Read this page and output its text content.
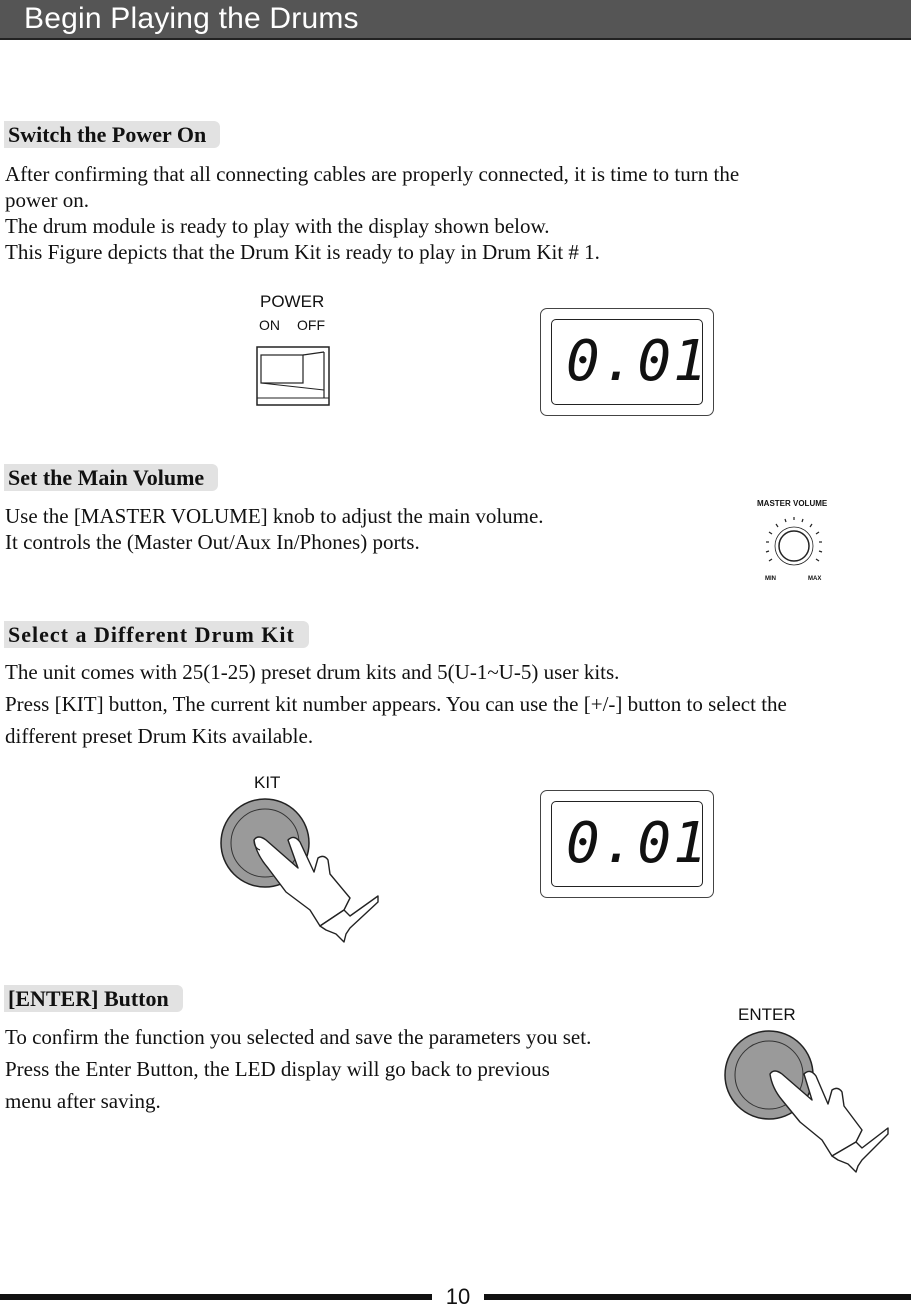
Begin Playing the Drums
Switch the Power On
After confirming that all connecting cables are properly connected, it is time to turn the
power on.
The drum module is ready to play with the display shown below.
This Figure depicts that the Drum Kit is ready to play in Drum Kit # 1.
POWER
ON OFF
0.01
Set the Main Volume
Use the [MASTER VOLUME] knob to adjust the main volume.
It controls the (Master Out/Aux In/Phones) ports.
MASTER VOLUME
MIN	MAX
Select a Different Drum Kit
The unit comes with 25(1-25) preset drum kits and 5(U-1~U-5) user kits.
Press [KIT] button, The current kit number appears. You can use the [+/-] button to select the
different preset Drum Kits available.
KIT
0.01
[ENTER] Button
To confirm the function you selected and save the parameters you set.
Press the Enter Button, the LED display will go back to previous
menu after saving.
ENTER
10
